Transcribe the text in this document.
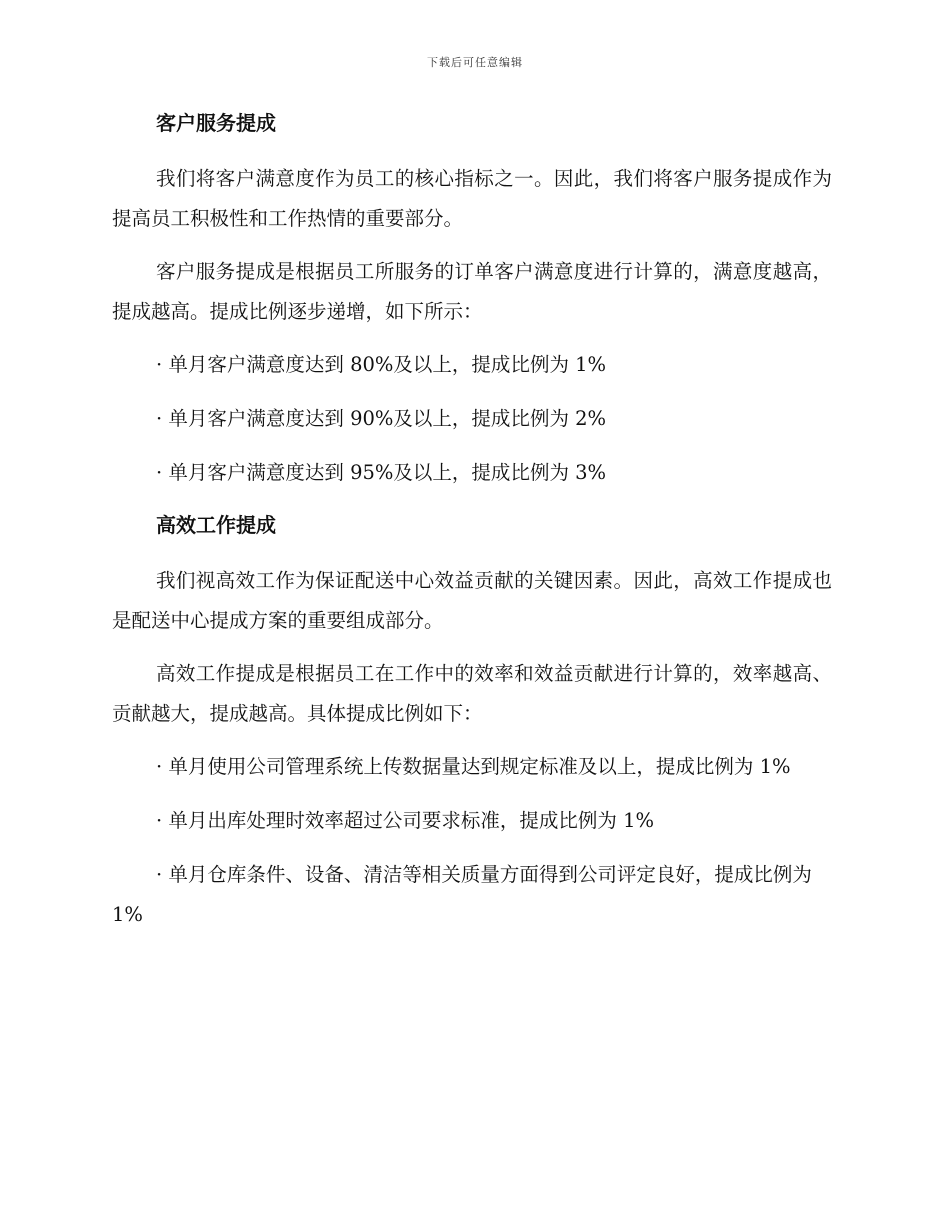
下载后可任意编辑
客户服务提成

我们将客户满意度作为员工的核心指标之一。因此，我们将客户服务提成作为提高员工积极性和工作热情的重要部分。

客户服务提成是根据员工所服务的订单客户满意度进行计算的，满意度越高，提成越高。提成比例逐步递增，如下所示：

· 单月客户满意度达到 80%及以上，提成比例为 1%

· 单月客户满意度达到 90%及以上，提成比例为 2%

· 单月客户满意度达到 95%及以上，提成比例为 3%

高效工作提成

我们视高效工作为保证配送中心效益贡献的关键因素。因此，高效工作提成也是配送中心提成方案的重要组成部分。

高效工作提成是根据员工在工作中的效率和效益贡献进行计算的，效率越高、贡献越大，提成越高。具体提成比例如下：

· 单月使用公司管理系统上传数据量达到规定标准及以上，提成比例为 1%

· 单月出库处理时效率超过公司要求标准，提成比例为 1%

· 单月仓库条件、设备、清洁等相关质量方面得到公司评定良好，提成比例为 1%
